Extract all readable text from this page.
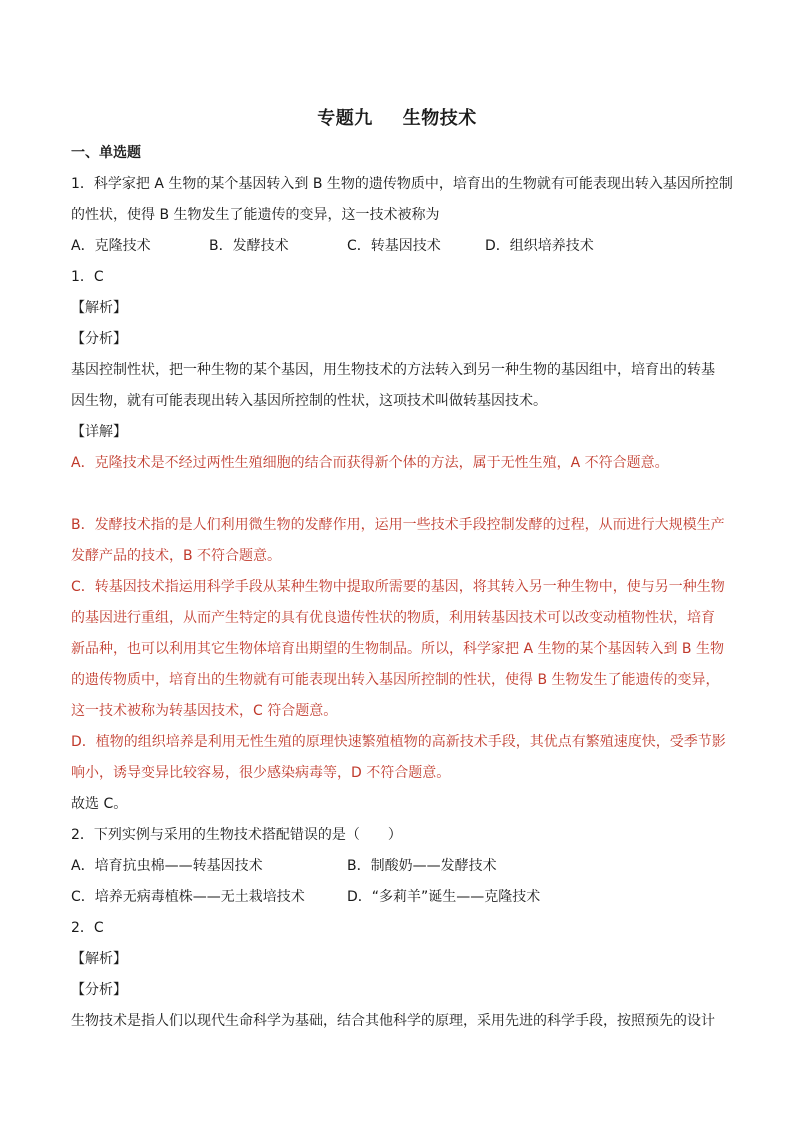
专题九 生物技术
一、单选题
1．科学家把 A 生物的某个基因转入到 B 生物的遗传物质中，培育出的生物就有可能表现出转入基因所控制
的性状，使得 B 生物发生了能遗传的变异，这一技术被称为
A．克隆技术	B．发酵技术	C．转基因技术	D．组织培养技术
1．C
【解析】
【分析】
基因控制性状，把一种生物的某个基因，用生物技术的方法转入到另一种生物的基因组中，培育出的转基
因生物，就有可能表现出转入基因所控制的性状，这项技术叫做转基因技术。
【详解】
A．克隆技术是不经过两性生殖细胞的结合而获得新个体的方法，属于无性生殖，A 不符合题意。
B．发酵技术指的是人们利用微生物的发酵作用，运用一些技术手段控制发酵的过程，从而进行大规模生产
发酵产品的技术，B 不符合题意。
C．转基因技术指运用科学手段从某种生物中提取所需要的基因，将其转入另一种生物中，使与另一种生物
的基因进行重组，从而产生特定的具有优良遗传性状的物质，利用转基因技术可以改变动植物性状，培育
新品种，也可以利用其它生物体培育出期望的生物制品。所以，科学家把 A 生物的某个基因转入到 B 生物
的遗传物质中，培育出的生物就有可能表现出转入基因所控制的性状，使得 B 生物发生了能遗传的变异，
这一技术被称为转基因技术，C 符合题意。
D．植物的组织培养是利用无性生殖的原理快速繁殖植物的高新技术手段，其优点有繁殖速度快，受季节影
响小，诱导变异比较容易，很少感染病毒等，D 不符合题意。
故选 C。
2．下列实例与采用的生物技术搭配错误的是（　　）
A．培育抗虫棉——转基因技术	B．制酸奶——发酵技术
C．培养无病毒植株——无土栽培技术	D．“多莉羊”诞生——克隆技术
2．C
【解析】
【分析】
生物技术是指人们以现代生命科学为基础，结合其他科学的原理，采用先进的科学手段，按照预先的设计
